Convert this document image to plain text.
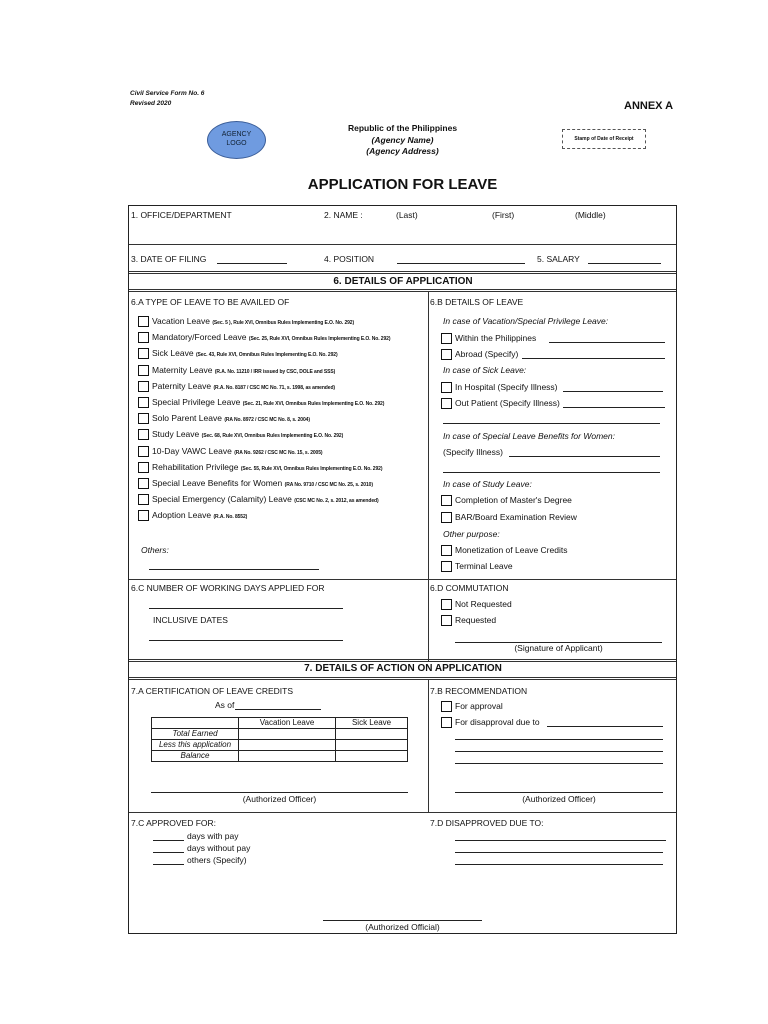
Civil Service Form No. 6
Revised 2020	ANNEX A
AGENCY
LOGO
Republic of the Philippines
(Agency Name)
(Agency Address)
Stamp of Date of Receipt
APPLICATION FOR LEAVE
1. OFFICE/DEPARTMENT	2. NAME :	(Last)	(First)	(Middle)
3. DATE OF FILING	4. POSITION	5. SALARY
6. DETAILS OF APPLICATION
6.A TYPE OF LEAVE TO BE AVAILED OF
Vacation Leave (Sec. 5 ), Rule XVI, Omnibus Rules Implementing E.O. No. 292)
Mandatory/Forced Leave (Sec. 25, Rule XVI, Omnibus Rules Implementing E.O. No. 292)
Sick Leave (Sec. 43, Rule XVI, Omnibus Rules Implementing E.O. No. 292)
Maternity Leave (R.A. No. 11210 / IRR issued by CSC, DOLE and SSS)
Paternity Leave (R.A. No. 8187 / CSC MC No. 71, s. 1998, as amended)
Special Privilege Leave (Sec. 21, Rule XVI, Omnibus Rules Implementing E.O. No. 292)
Solo Parent Leave (RA No. 8972 / CSC MC No. 8, s. 2004)
Study Leave (Sec. 68, Rule XVI, Omnibus Rules Implementing E.O. No. 292)
10-Day VAWC Leave (RA No. 9262 / CSC MC No. 15, s. 2005)
Rehabilitation Privilege (Sec. 55, Rule XVI, Omnibus Rules Implementing E.O. No. 292)
Special Leave Benefits for Women (RA No. 9710 / CSC MC No. 25, s. 2010)
Special Emergency (Calamity) Leave (CSC MC No. 2, s. 2012, as amended)
Adoption Leave (R.A. No. 8552)
Others:
6.B DETAILS OF LEAVE
In case of Vacation/Special Privilege Leave:
Within the Philippines
Abroad (Specify)
In case of Sick Leave:
In Hospital (Specify Illness)
Out Patient (Specify Illness)
In case of Special Leave Benefits for Women:
(Specify Illness)
In case of Study Leave:
Completion of Master's Degree
BAR/Board Examination Review
Other purpose:
Monetization of Leave Credits
Terminal Leave
6.C NUMBER OF WORKING DAYS APPLIED FOR
INCLUSIVE DATES
6.D COMMUTATION
Not Requested
Requested
(Signature of Applicant)
7. DETAILS OF ACTION ON APPLICATION
7.A CERTIFICATION OF LEAVE CREDITS
As of
	Vacation Leave	Sick Leave
Total Earned		
Less this application		
Balance		
(Authorized Officer)
7.B RECOMMENDATION
For approval
For disapproval due to
(Authorized Officer)
7.C APPROVED FOR:
days with pay
days without pay
others (Specify)
7.D DISAPPROVED DUE TO:
(Authorized Official)
